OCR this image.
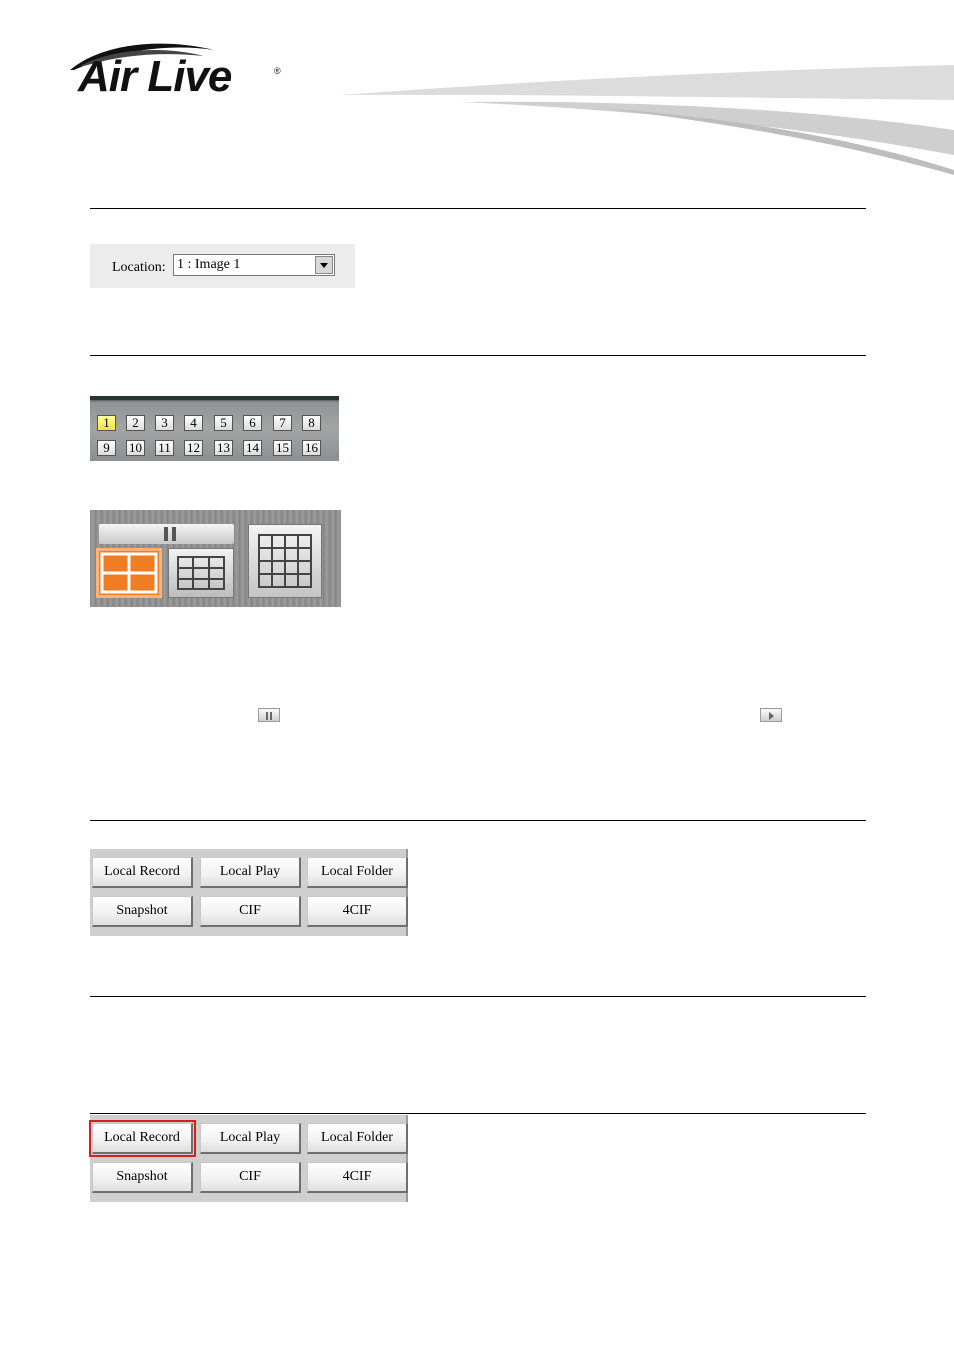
Air Live	®
Location: 1 : Image 1
1	2	3	4	5	6	7	8
9	10 11 12 13 14 15 16
Local Record	Local Play	Local Folder
Snapshot	CIF	4CIF
Local Record	Local Play	Local Folder
Snapshot	CIF	4CIF
